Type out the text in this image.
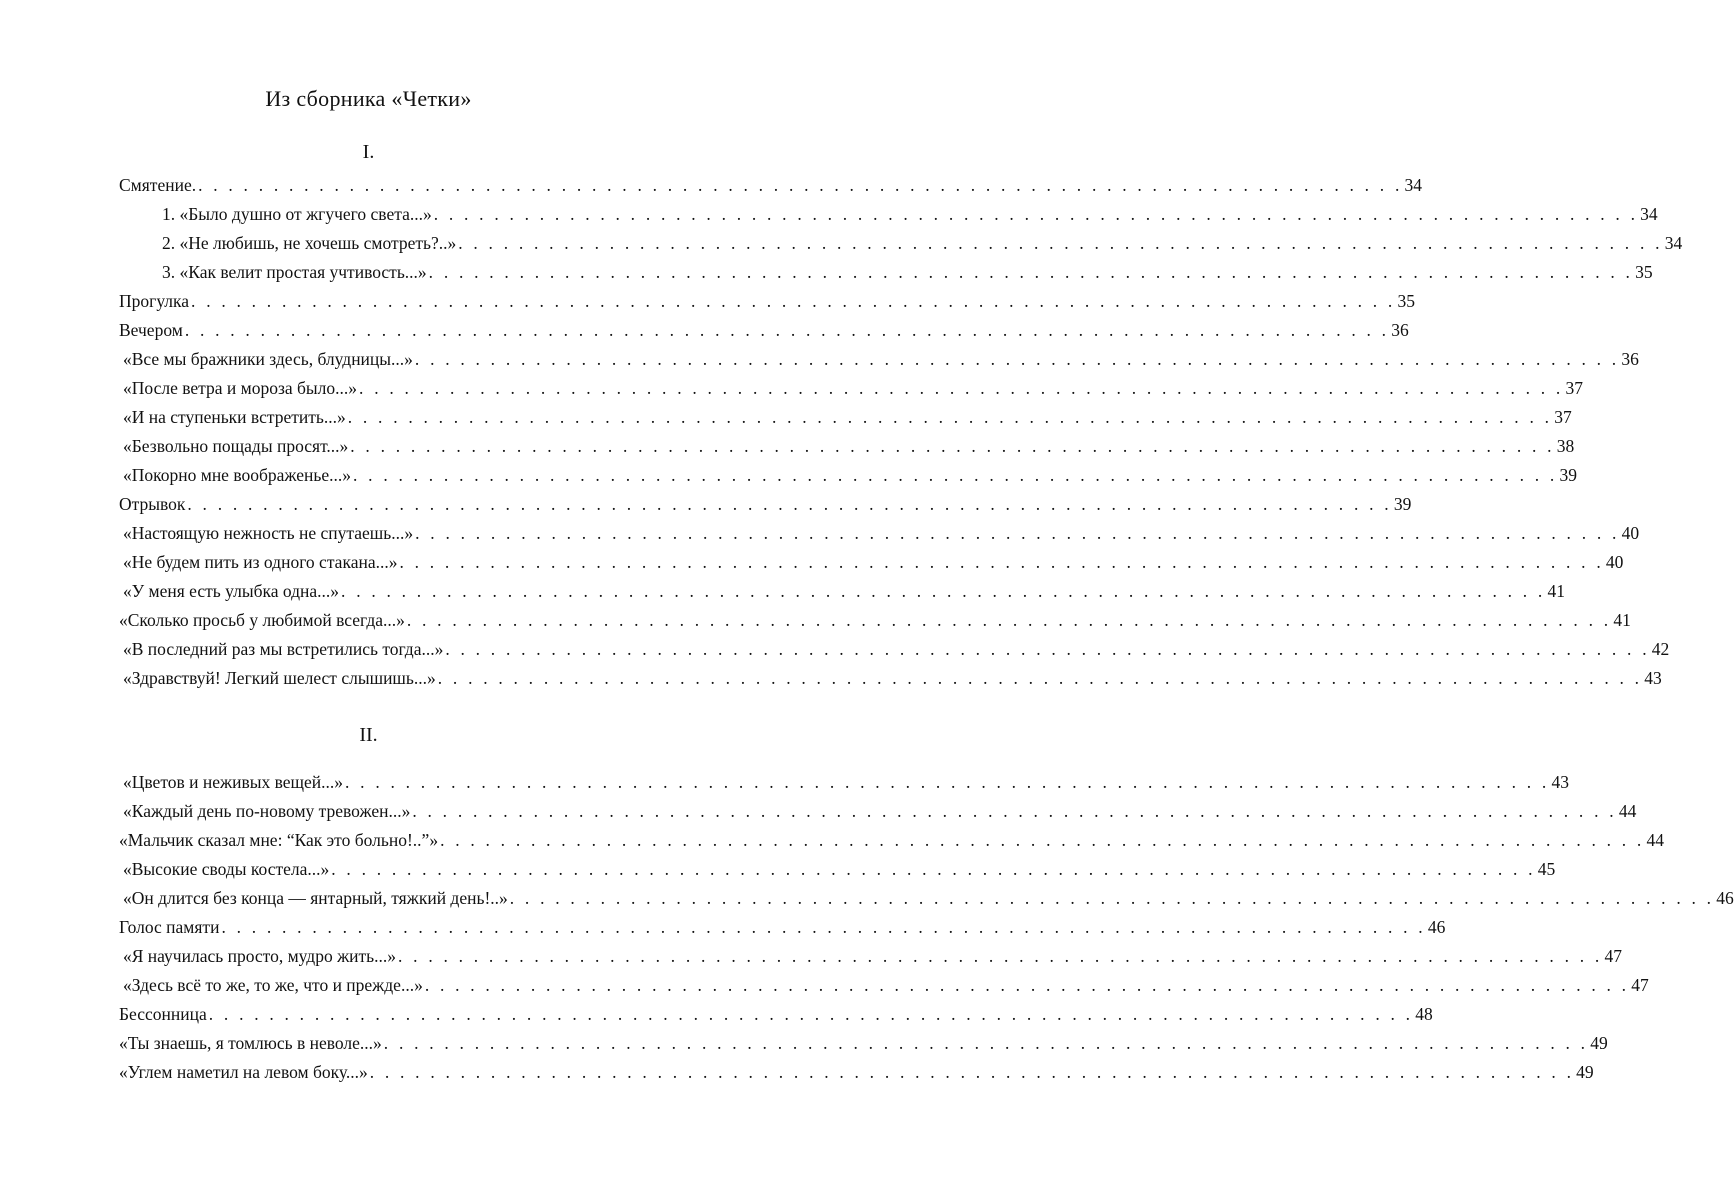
Из сборника «Четки»
I.
Смятение. . . . . . . . . . . . . . . . . . . . . . . . . . . . . . . . . . . . . . . . . . . . . . . . . . . . . . . . . . . . . . . . . . . . . . . . . . . . . . . . . 34
1. «Было душно от жгучего света...» . . . . . . . . . . . . . . . . . . . . . . . . . . . . . . . . . . . . . . . . . . . . . . . . . . . . . . . . . . . . . . . . . . . . . . . . . . . . . . . . 34
2. «Не любишь, не хочешь смотреть?..» . . . . . . . . . . . . . . . . . . . . . . . . . . . . . . . . . . . . . . . . . . . . . . . . . . . . . . . . . . . . . . . . . . . . . . . . . . . . . . . . 34
3. «Как велит простая учтивость...» . . . . . . . . . . . . . . . . . . . . . . . . . . . . . . . . . . . . . . . . . . . . . . . . . . . . . . . . . . . . . . . . . . . . . . . . . . . . . . . . 35
Прогулка . . . . . . . . . . . . . . . . . . . . . . . . . . . . . . . . . . . . . . . . . . . . . . . . . . . . . . . . . . . . . . . . . . . . . . . . . . . . . . . . 35
Вечером . . . . . . . . . . . . . . . . . . . . . . . . . . . . . . . . . . . . . . . . . . . . . . . . . . . . . . . . . . . . . . . . . . . . . . . . . . . . . . . . 36
«Все мы бражники здесь, блудницы...» . . . . . . . . . . . . . . . . . . . . . . . . . . . . . . . . . . . . . . . . . . . . . . . . . . . . . . . . . . . . . . . . . . . . . . . . . . . . . . . . 36
«После ветра и мороза было...» . . . . . . . . . . . . . . . . . . . . . . . . . . . . . . . . . . . . . . . . . . . . . . . . . . . . . . . . . . . . . . . . . . . . . . . . . . . . . . . . 37
«И на ступеньки встретить...» . . . . . . . . . . . . . . . . . . . . . . . . . . . . . . . . . . . . . . . . . . . . . . . . . . . . . . . . . . . . . . . . . . . . . . . . . . . . . . . . 37
«Безвольно пощады просят...» . . . . . . . . . . . . . . . . . . . . . . . . . . . . . . . . . . . . . . . . . . . . . . . . . . . . . . . . . . . . . . . . . . . . . . . . . . . . . . . . 38
«Покорно мне воображенье...» . . . . . . . . . . . . . . . . . . . . . . . . . . . . . . . . . . . . . . . . . . . . . . . . . . . . . . . . . . . . . . . . . . . . . . . . . . . . . . . . 39
Отрывок . . . . . . . . . . . . . . . . . . . . . . . . . . . . . . . . . . . . . . . . . . . . . . . . . . . . . . . . . . . . . . . . . . . . . . . . . . . . . . . . 39
«Настоящую нежность не спутаешь...» . . . . . . . . . . . . . . . . . . . . . . . . . . . . . . . . . . . . . . . . . . . . . . . . . . . . . . . . . . . . . . . . . . . . . . . . . . . . . . . . 40
«Не будем пить из одного стакана...» . . . . . . . . . . . . . . . . . . . . . . . . . . . . . . . . . . . . . . . . . . . . . . . . . . . . . . . . . . . . . . . . . . . . . . . . . . . . . . . . 40
«У меня есть улыбка одна...» . . . . . . . . . . . . . . . . . . . . . . . . . . . . . . . . . . . . . . . . . . . . . . . . . . . . . . . . . . . . . . . . . . . . . . . . . . . . . . . . 41
«Сколько просьб у любимой всегда...» . . . . . . . . . . . . . . . . . . . . . . . . . . . . . . . . . . . . . . . . . . . . . . . . . . . . . . . . . . . . . . . . . . . . . . . . . . . . . . . . 41
«В последний раз мы встретились тогда...» . . . . . . . . . . . . . . . . . . . . . . . . . . . . . . . . . . . . . . . . . . . . . . . . . . . . . . . . . . . . . . . . . . . . . . . . . . . . . . . . 42
«Здравствуй! Легкий шелест слышишь...» . . . . . . . . . . . . . . . . . . . . . . . . . . . . . . . . . . . . . . . . . . . . . . . . . . . . . . . . . . . . . . . . . . . . . . . . . . . . . . . . 43
II.
«Цветов и неживых вещей...» . . . . . . . . . . . . . . . . . . . . . . . . . . . . . . . . . . . . . . . . . . . . . . . . . . . . . . . . . . . . . . . . . . . . . . . . . . . . . . . . 43
«Каждый день по-новому тревожен...» . . . . . . . . . . . . . . . . . . . . . . . . . . . . . . . . . . . . . . . . . . . . . . . . . . . . . . . . . . . . . . . . . . . . . . . . . . . . . . . . 44
«Мальчик сказал мне: “Как это больно!..”» . . . . . . . . . . . . . . . . . . . . . . . . . . . . . . . . . . . . . . . . . . . . . . . . . . . . . . . . . . . . . . . . . . . . . . . . . . . . . . . . 44
«Высокие своды костела...» . . . . . . . . . . . . . . . . . . . . . . . . . . . . . . . . . . . . . . . . . . . . . . . . . . . . . . . . . . . . . . . . . . . . . . . . . . . . . . . . 45
«Он длится без конца — янтарный, тяжкий день!..» . . . . . . . . . . . . . . . . . . . . . . . . . . . . . . . . . . . . . . . . . . . . . . . . . . . . . . . . . . . . . . . . . . . . . . . . . . . . . . . . 46
Голос памяти . . . . . . . . . . . . . . . . . . . . . . . . . . . . . . . . . . . . . . . . . . . . . . . . . . . . . . . . . . . . . . . . . . . . . . . . . . . . . . . . 46
«Я научилась просто, мудро жить...» . . . . . . . . . . . . . . . . . . . . . . . . . . . . . . . . . . . . . . . . . . . . . . . . . . . . . . . . . . . . . . . . . . . . . . . . . . . . . . . . 47
«Здесь всё то же, то же, что и прежде...» . . . . . . . . . . . . . . . . . . . . . . . . . . . . . . . . . . . . . . . . . . . . . . . . . . . . . . . . . . . . . . . . . . . . . . . . . . . . . . . . 47
Бессонница . . . . . . . . . . . . . . . . . . . . . . . . . . . . . . . . . . . . . . . . . . . . . . . . . . . . . . . . . . . . . . . . . . . . . . . . . . . . . . . . 48
«Ты знаешь, я томлюсь в неволе...» . . . . . . . . . . . . . . . . . . . . . . . . . . . . . . . . . . . . . . . . . . . . . . . . . . . . . . . . . . . . . . . . . . . . . . . . . . . . . . . . 49
«Углем наметил на левом боку...» . . . . . . . . . . . . . . . . . . . . . . . . . . . . . . . . . . . . . . . . . . . . . . . . . . . . . . . . . . . . . . . . . . . . . . . . . . . . . . . . 49
